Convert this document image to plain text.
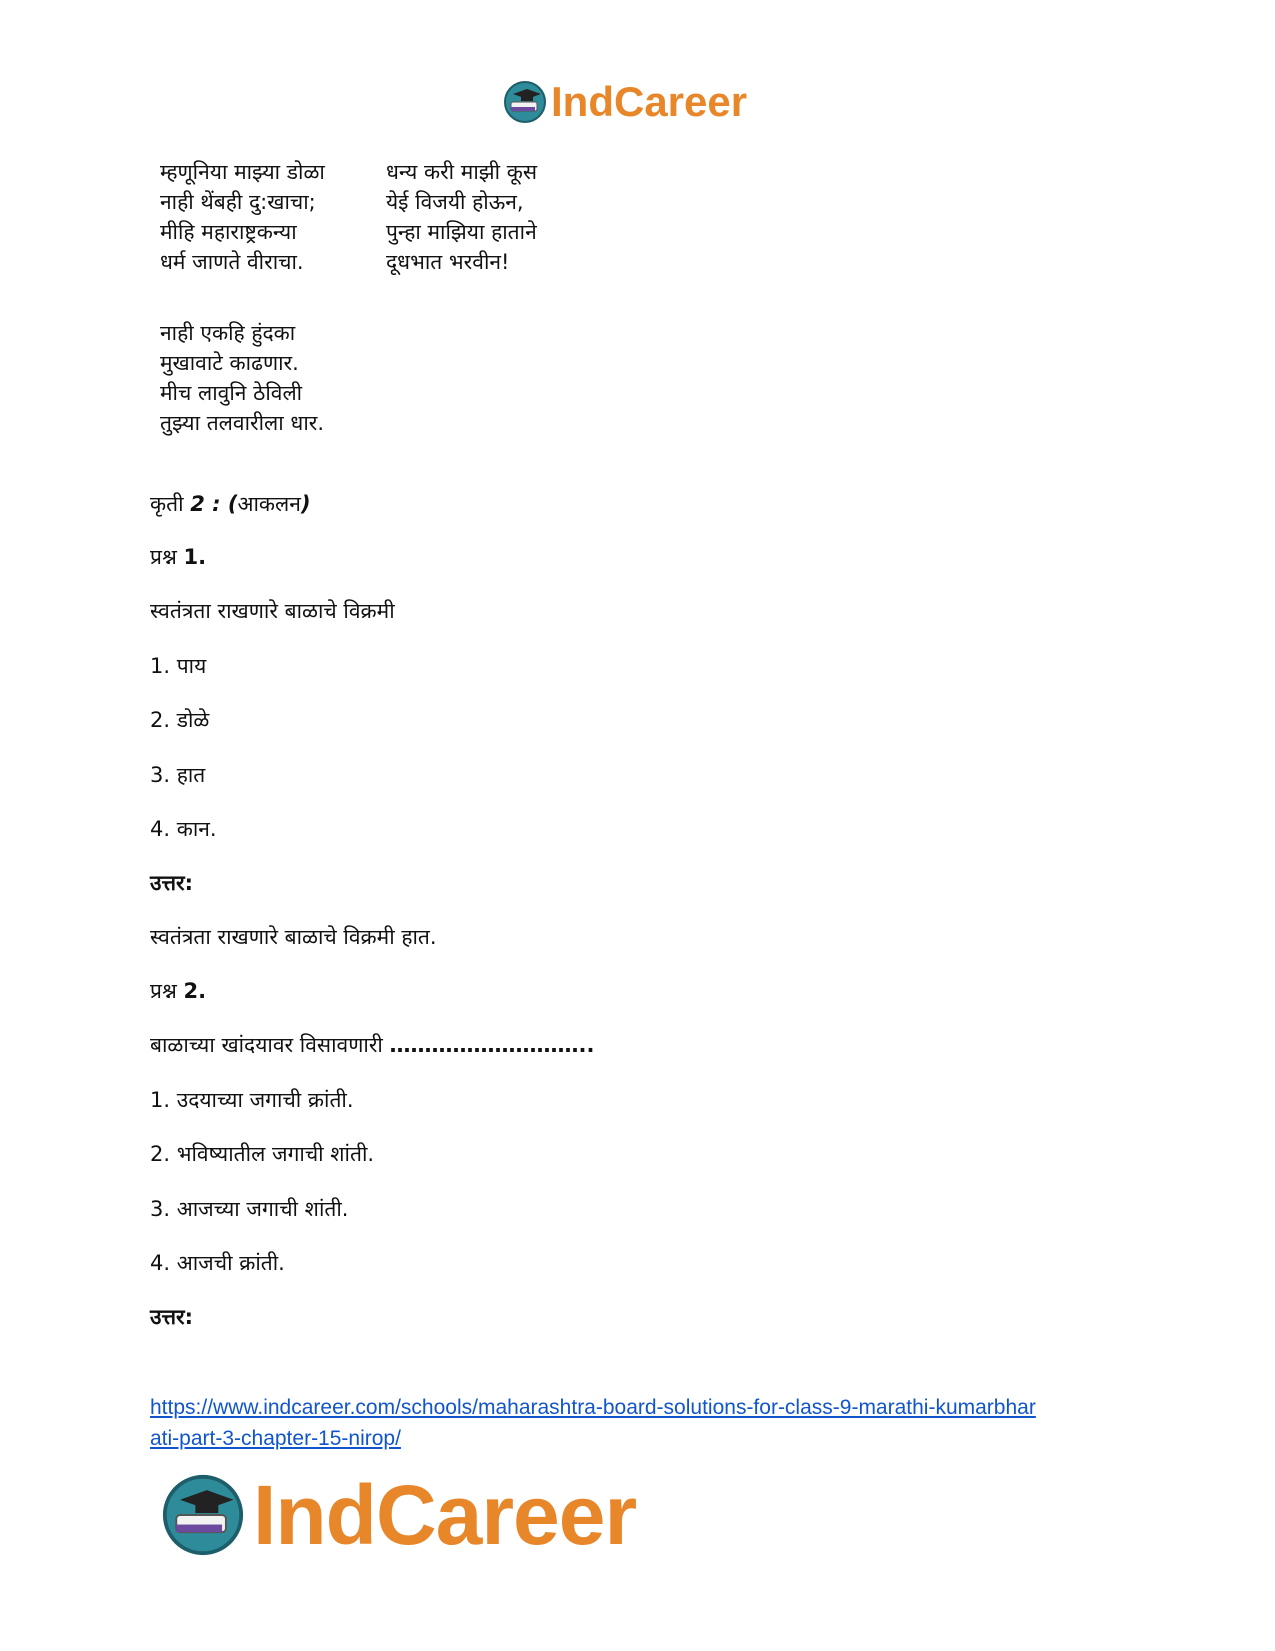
IndCareer
म्हणूनिया माझ्या डोळा
नाही थेंबही दु:खाचा;
मीहि महाराष्ट्रकन्या
धर्म जाणते वीराचा.
धन्य करी माझी कूस
येई विजयी होऊन,
पुन्हा माझिया हाताने
दूधभात भरवीन!
नाही एकहि हुंदका
मुखावाटे काढणार.
मीच लावुनि ठेविली
तुझ्या तलवारीला धार.
कृती 2 : (आकलन)
प्रश्न 1.
स्वतंत्रता राखणारे बाळाचे विक्रमी
1. पाय
2. डोळे
3. हात
4. कान.
उत्तर:
स्वतंत्रता राखणारे बाळाचे विक्रमी हात.
प्रश्न 2.
बाळाच्या खांदयावर विसावणारी ………………………..
1. उदयाच्या जगाची क्रांती.
2. भविष्यातील जगाची शांती.
3. आजच्या जगाची शांती.
4. आजची क्रांती.
उत्तर:
https://www.indcareer.com/schools/maharashtra-board-solutions-for-class-9-marathi-kumarbhar
ati-part-3-chapter-15-nirop/
IndCareer
